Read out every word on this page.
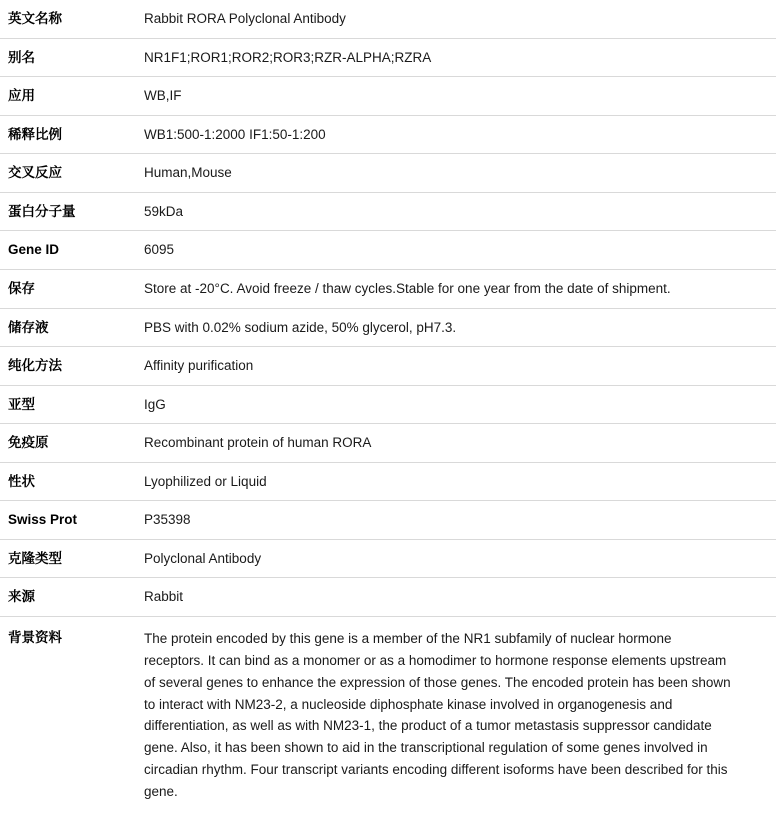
英文名称	Rabbit RORA Polyclonal Antibody
别名	NR1F1;ROR1;ROR2;ROR3;RZR-ALPHA;RZRA
应用	WB,IF
稀释比例	WB1:500-1:2000 IF1:50-1:200
交叉反应	Human,Mouse
蛋白分子量	59kDa
Gene ID	6095
保存	Store at -20°C. Avoid freeze / thaw cycles.Stable for one year from the date of shipment.
储存液	PBS with 0.02% sodium azide, 50% glycerol, pH7.3.
纯化方法	Affinity purification
亚型	IgG
免疫原	Recombinant protein of human RORA
性状	Lyophilized or Liquid
Swiss Prot	P35398
克隆类型	Polyclonal Antibody
来源	Rabbit
背景资料	The protein encoded by this gene is a member of the NR1 subfamily of nuclear hormone receptors. It can bind as a monomer or as a homodimer to hormone response elements upstream of several genes to enhance the expression of those genes. The encoded protein has been shown to interact with NM23-2, a nucleoside diphosphate kinase involved in organogenesis and differentiation, as well as with NM23-1, the product of a tumor metastasis suppressor candidate gene. Also, it has been shown to aid in the transcriptional regulation of some genes involved in circadian rhythm. Four transcript variants encoding different isoforms have been described for this gene.
